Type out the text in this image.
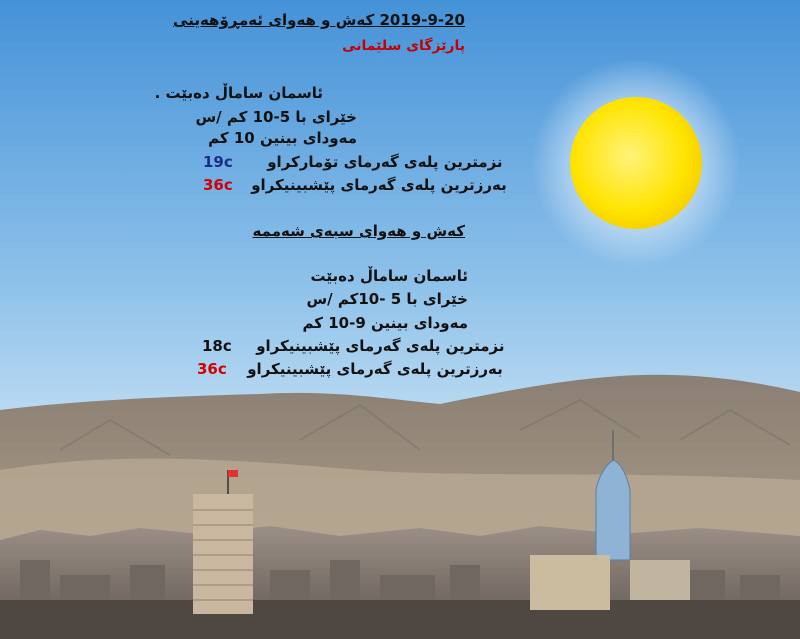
2019-9-20 کەش و هەوای ئەمڕۆهەینی
پارێزگای سلێمانی
ئاسمان ساماڵ دەبێت .
خێرای با 5-10 کم /س
مەودای بینین 10 کم
19c نزمترین پلەی گەرمای تۆمارکراو
36c بەرزترین پلەی گەرمای پێشبینیکراو
کەش و هەوای سبەی شەممە
ئاسمان ساماڵ دەبێت
خێرای با 5 -10کم /س
مەودای بینین 9-10 کم
18c نزمترین پلەی گەرمای پێشبینیکراو
36c بەرزترین پلەی گەرمای پێشبینیکراو
